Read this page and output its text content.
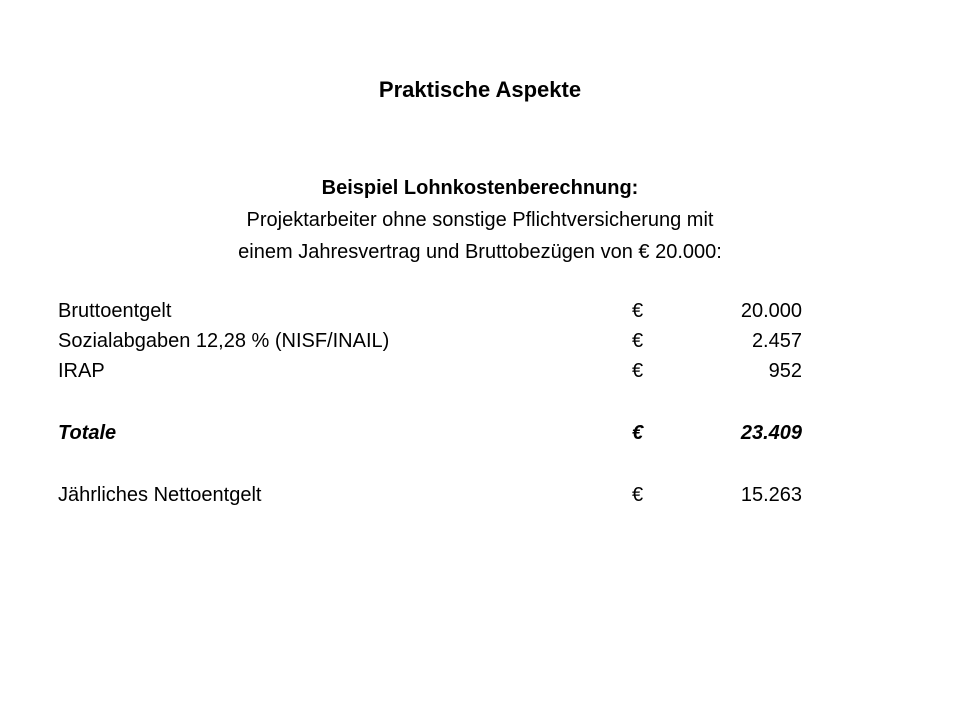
Praktische Aspekte
Beispiel Lohnkostenberechnung:
Projektarbeiter ohne sonstige Pflichtversicherung mit
einem Jahresvertrag und Bruttobezügen von € 20.000:
Bruttoentgelt	€	20.000
Sozialabgaben 12,28 % (NISF/INAIL)	€	2.457
IRAP	€	952
Totale	€	23.409
Jährliches Nettoentgelt	€	15.263
